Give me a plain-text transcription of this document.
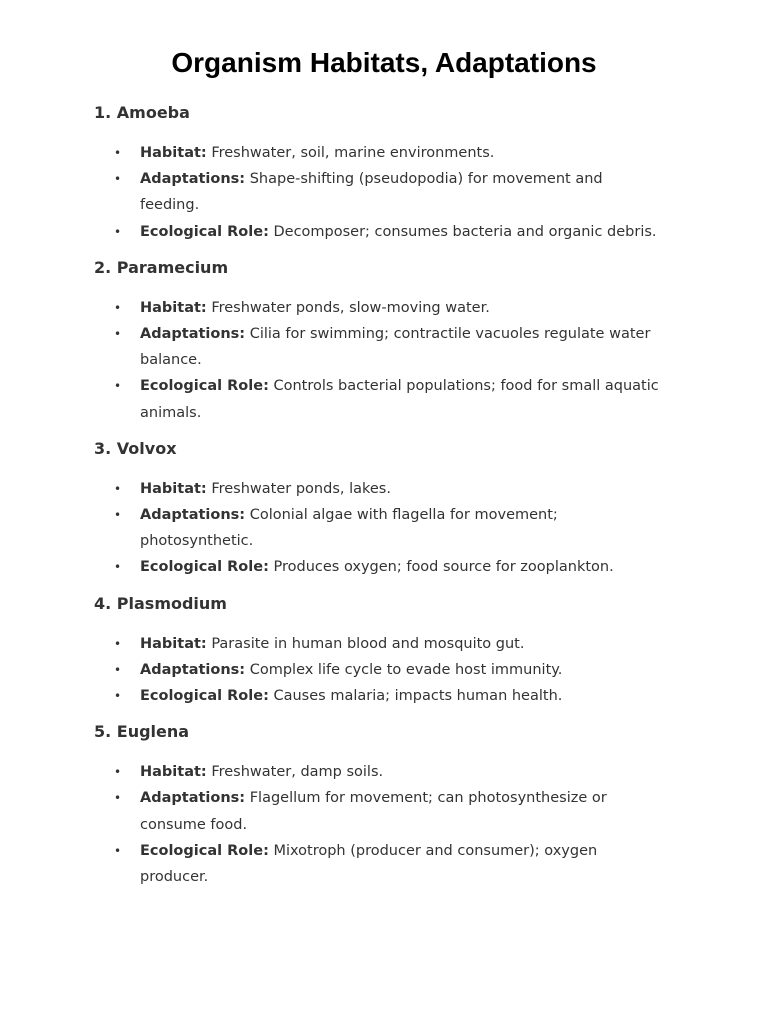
Organism Habitats, Adaptations
1. Amoeba
• Habitat: Freshwater, soil, marine environments.
• Adaptations: Shape-shifting (pseudopodia) for movement and feeding.
• Ecological Role: Decomposer; consumes bacteria and organic debris.
2. Paramecium
• Habitat: Freshwater ponds, slow-moving water.
• Adaptations: Cilia for swimming; contractile vacuoles regulate water balance.
• Ecological Role: Controls bacterial populations; food for small aquatic animals.
3. Volvox
• Habitat: Freshwater ponds, lakes.
• Adaptations: Colonial algae with flagella for movement; photosynthetic.
• Ecological Role: Produces oxygen; food source for zooplankton.
4. Plasmodium
• Habitat: Parasite in human blood and mosquito gut.
• Adaptations: Complex life cycle to evade host immunity.
• Ecological Role: Causes malaria; impacts human health.
5. Euglena
• Habitat: Freshwater, damp soils.
• Adaptations: Flagellum for movement; can photosynthesize or consume food.
• Ecological Role: Mixotroph (producer and consumer); oxygen producer.
